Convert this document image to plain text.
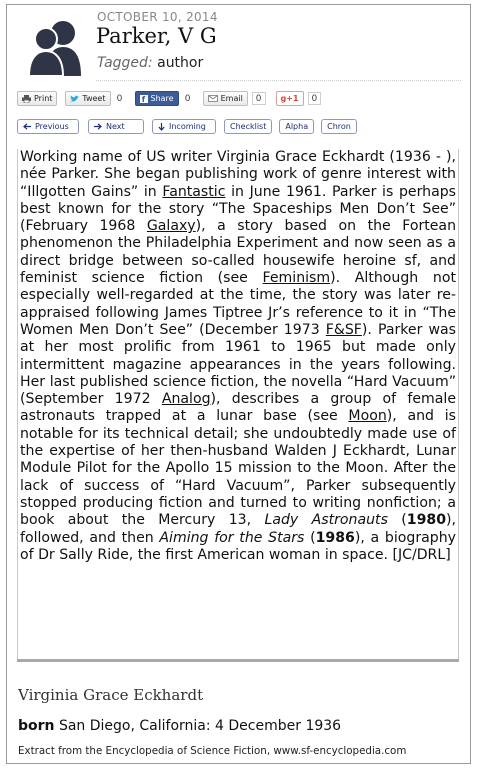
OCTOBER 10, 2014
Parker, V G
Tagged: author
Print	Tweet 0 f Share 0	Email	0	g+1	0
Previous	Next	Incoming	Checklist Alpha Chron
Working name of US writer Virginia Grace Eckhardt (1936 - ), née Parker. She began publishing work of genre interest with “Illgotten Gains” in Fantastic in June 1961. Parker is perhaps best known for the story “The Spaceships Men Don’t See” (February 1968 Galaxy), a story based on the Fortean phenomenon the Philadelphia Experiment and now seen as a direct bridge between so-called housewife heroine sf, and feminist science fiction (see Feminism). Although not especially well-regarded at the time, the story was later re-appraised following James Tiptree Jr’s reference to it in “The Women Men Don’t See” (December 1973 F&SF). Parker was at her most prolific from 1961 to 1965 but made only intermittent magazine appearances in the years following. Her last published science fiction, the novella “Hard Vacuum” (September 1972 Analog), describes a group of female astronauts trapped at a lunar base (see Moon), and is notable for its technical detail; she undoubtedly made use of the expertise of her then-husband Walden J Eckhardt, Lunar Module Pilot for the Apollo 15 mission to the Moon. After the lack of success of “Hard Vacuum”, Parker subsequently stopped producing fiction and turned to writing nonfiction; a book about the Mercury 13, Lady Astronauts (1980), followed, and then Aiming for the Stars (1986), a biography of Dr Sally Ride, the first American woman in space. [JC/DRL]
Virginia Grace Eckhardt
born San Diego, California: 4 December 1936
Extract from the Encyclopedia of Science Fiction, www.sf-encyclopedia.com
